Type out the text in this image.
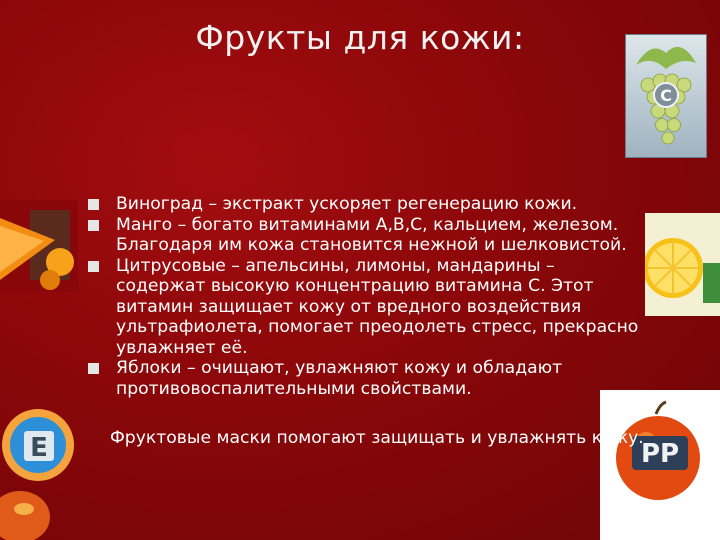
Фрукты для кожи:
C
E	PP
Виноград – экстракт ускоряет регенерацию кожи.
Манго – богато витаминами А,В,С, кальцием, железом. Благодаря им кожа становится нежной и шелковистой.
Цитрусовые – апельсины, лимоны, мандарины – содержат высокую концентрацию витамина С. Этот витамин защищает кожу от вредного воздействия ультрафиолета, помогает преодолеть стресс, прекрасно увлажняет её.
Яблоки – очищают, увлажняют кожу и обладают противовоспалительными свойствами.
Фруктовые маски помогают защищать и увлажнять кожу.
